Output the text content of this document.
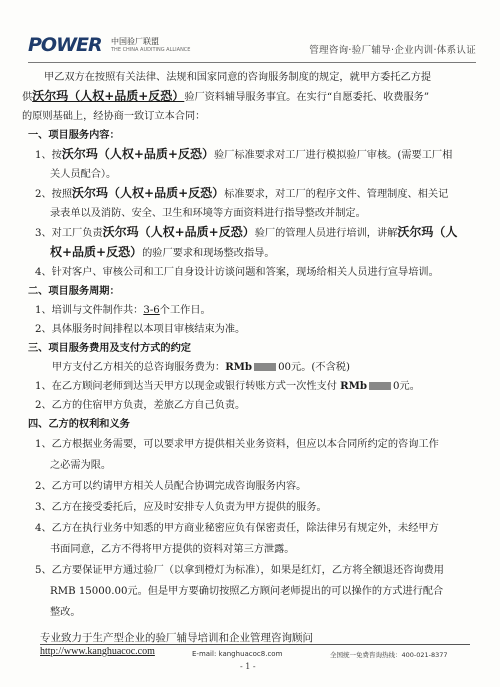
POWER 中国验厂联盟
THE CHINA AUDITING ALLIANCE	管理咨询·验厂辅导·企业内训·体系认证

甲乙双方在按照有关法律、法规和国家同意的咨询服务制度的规定，就甲方委托乙方提

供沃尔玛（人权+品质+反恐）验厂资料辅导服务事宜。在实行“自愿委托、收费服务”

的原则基础上，经协商一致订立本合同：

一、项目服务内容：

1、按沃尔玛（人权+品质+反恐）验厂标准要求对工厂进行模拟验厂审核。(需要工厂相

关人员配合）。

2、按照沃尔玛（人权+品质+反恐）标准要求，对工厂的程序文件、管理制度、相关记

录表单以及消防、安全、卫生和环境等方面资料进行指导整改并制定。

3、对工厂负责沃尔玛（人权+品质+反恐）验厂的管理人员进行培训，讲解沃尔玛（人

权+品质+反恐）的验厂要求和现场整改指导。

4、针对客户、审核公司和工厂自身设计访谈问题和答案，现场给相关人员进行宣导培训。

二、项目服务周期：

1、培训与文件制作共：3-6个工作日。

2、具体服务时间排程以本项目审核结束为准。

三、项目服务费用及支付方式的约定

甲方支付乙方相关的总咨询服务费为：RMb	00元。(不含税)

1、在乙方顾问老师到达当天甲方以现金或银行转账方式一次性支付 RMb	0元。

2、乙方的住宿甲方负责，差旅乙方自己负责。

四、乙方的权利和义务

1、乙方根据业务需要，可以要求甲方提供相关业务资料，但应以本合同所约定的咨询工作

之必需为限。

2、乙方可以约请甲方相关人员配合协调完成咨询服务内容。

3、乙方在接受委托后，应及时安排专人负责为甲方提供的服务。

4、乙方在执行业务中知悉的甲方商业秘密应负有保密责任，除法律另有规定外，未经甲方

书面同意，乙方不得将甲方提供的资料对第三方泄露。

5、乙方要保证甲方通过验厂（以拿到橙灯为标准），如果是红灯，乙方将全额退还咨询费用

RMB 15000.00元。但是甲方要确切按照乙方顾问老师提出的可以操作的方式进行配合

整改。

专业致力于生产型企业的验厂辅导培训和企业管理咨询顾问
http://www.kanghuacoc.com	E-mail: kanghuacoc8.com	全国统一免费咨询热线：400-021-8377
- 1 -
